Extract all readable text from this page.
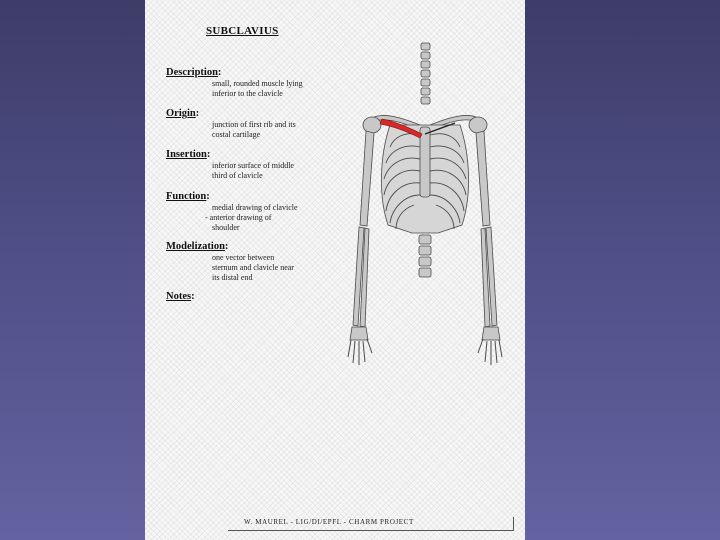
SUBCLAVIUS
Description:
small, rounded muscle lying
inferior to the clavicle
Origin:
junction of first rib and its
costal cartilage
Insertion:
inferior surface of middle
third of clavicle
Function:
medial drawing of clavicle
- anterior drawing of
shoulder
Modelization:
one vector between
sternum and clavicle near
its distal end
Notes:
W. MAUREL - LIG/DI/EPFL - CHARM PROJECT
